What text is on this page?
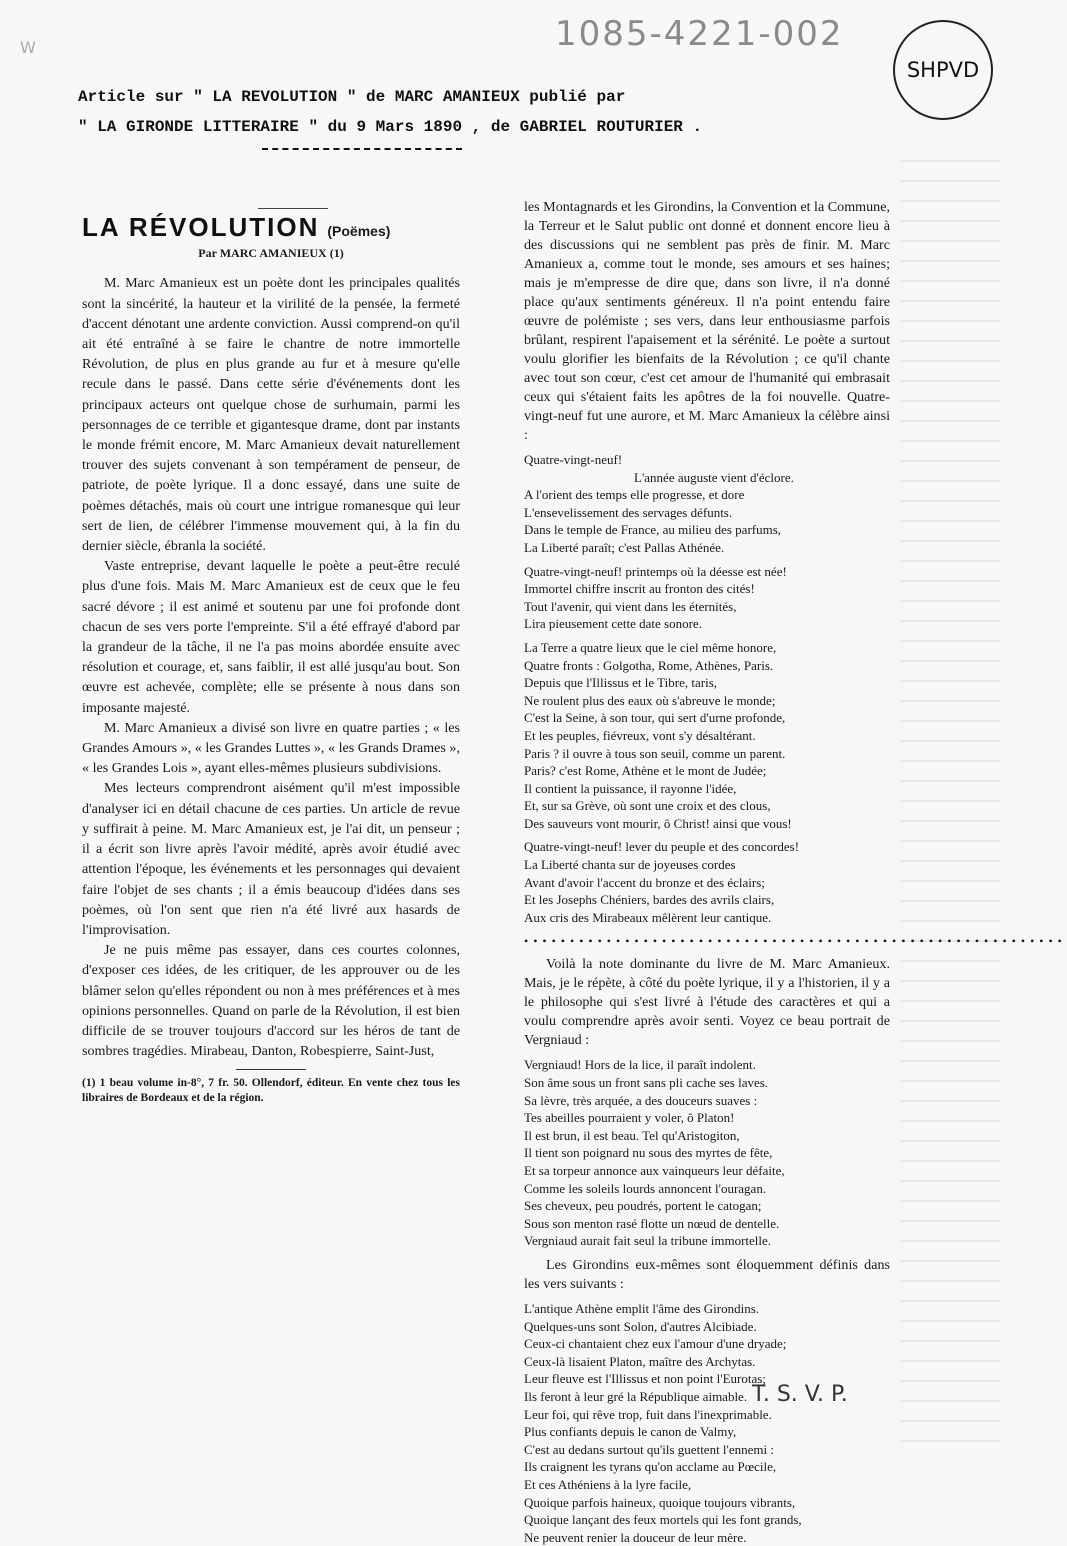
W	1085-4221-002
SHPVD
Article sur " LA REVOLUTION " de MARC AMANIEUX publié par
" LA GIRONDE LITTERAIRE " du 9 Mars 1890 , de GABRIEL ROUTURIER .
LA RÉVOLUTION (Poëmes)
Par MARC AMANIEUX (1)

M. Marc Amanieux est un poète dont les principales qualités sont la sincérité, la hauteur et la virilité de la pensée, la fermeté d'accent dénotant une ardente conviction. Aussi comprend-on qu'il ait été entraîné à se faire le chantre de notre immortelle Révolution, de plus en plus grande au fur et à mesure qu'elle recule dans le passé. Dans cette série d'événements dont les principaux acteurs ont quelque chose de surhumain, parmi les personnages de ce terrible et gigantesque drame, dont par instants le monde frémit encore, M. Marc Amanieux devait naturellement trouver des sujets convenant à son tempérament de penseur, de patriote, de poète lyrique. Il a donc essayé, dans une suite de poèmes détachés, mais où court une intrigue romanesque qui leur sert de lien, de célébrer l'immense mouvement qui, à la fin du dernier siècle, ébranla la société.

Vaste entreprise, devant laquelle le poète a peut-être reculé plus d'une fois. Mais M. Marc Amanieux est de ceux que le feu sacré dévore ; il est animé et soutenu par une foi profonde dont chacun de ses vers porte l'empreinte. S'il a été effrayé d'abord par la grandeur de la tâche, il ne l'a pas moins abordée ensuite avec résolution et courage, et, sans faiblir, il est allé jusqu'au bout. Son œuvre est achevée, complète; elle se présente à nous dans son imposante majesté.

M. Marc Amanieux a divisé son livre en quatre parties ; « les Grandes Amours », « les Grandes Luttes », « les Grands Drames », « les Grandes Lois », ayant elles-mêmes plusieurs subdivisions.

Mes lecteurs comprendront aisément qu'il m'est impossible d'analyser ici en détail chacune de ces parties. Un article de revue y suffirait à peine. M. Marc Amanieux est, je l'ai dit, un penseur ; il a écrit son livre après l'avoir médité, après avoir étudié avec attention l'époque, les événements et les personnages qui devaient faire l'objet de ses chants ; il a émis beaucoup d'idées dans ses poèmes, où l'on sent que rien n'a été livré aux hasards de l'improvisation.

Je ne puis même pas essayer, dans ces courtes colonnes, d'exposer ces idées, de les critiquer, de les approuver ou de les blâmer selon qu'elles répondent ou non à mes préférences et à mes opinions personnelles. Quand on parle de la Révolution, il est bien difficile de se trouver toujours d'accord sur les héros de tant de sombres tragédies. Mirabeau, Danton, Robespierre, Saint-Just,

(1) 1 beau volume in-8°, 7 fr. 50. Ollendorf, éditeur. En vente chez tous les libraires de Bordeaux et de la région.

les Montagnards et les Girondins, la Convention et la Commune, la Terreur et le Salut public ont donné et donnent encore lieu à des discussions qui ne semblent pas près de finir. M. Marc Amanieux a, comme tout le monde, ses amours et ses haines; mais je m'empresse de dire que, dans son livre, il n'a donné place qu'aux sentiments généreux. Il n'a point entendu faire œuvre de polémiste ; ses vers, dans leur enthousiasme parfois brûlant, respirent l'apaisement et la sérénité. Le poète a surtout voulu glorifier les bienfaits de la Révolution ; ce qu'il chante avec tout son cœur, c'est cet amour de l'humanité qui embrasait ceux qui s'étaient faits les apôtres de la foi nouvelle. Quatre-vingt-neuf fut une aurore, et M. Marc Amanieux la célèbre ainsi :

Quatre-vingt-neuf!
L'année auguste vient d'éclore.
A l'orient des temps elle progresse, et dore
L'ensevelissement des servages défunts.
Dans le temple de France, au milieu des parfums,
La Liberté paraît; c'est Pallas Athénée.
Quatre-vingt-neuf! printemps où la déesse est née!
Immortel chiffre inscrit au fronton des cités!
Tout l'avenir, qui vient dans les éternités,
Lira pieusement cette date sonore.
La Terre a quatre lieux que le ciel même honore,
Quatre fronts : Golgotha, Rome, Athènes, Paris.
Depuis que l'Illissus et le Tibre, taris,
Ne roulent plus des eaux où s'abreuve le monde;
C'est la Seine, à son tour, qui sert d'urne profonde,
Et les peuples, fiévreux, vont s'y désaltérant.
Paris ? il ouvre à tous son seuil, comme un parent.
Paris? c'est Rome, Athène et le mont de Judée;
Il contient la puissance, il rayonne l'idée,
Et, sur sa Grève, où sont une croix et des clous,
Des sauveurs vont mourir, ô Christ! ainsi que vous!
Quatre-vingt-neuf! lever du peuple et des concordes!
La Liberté chanta sur de joyeuses cordes
Avant d'avoir l'accent du bronze et des éclairs;
Et les Josephs Chéniers, bardes des avrils clairs,
Aux cris des Mirabeaux mêlèrent leur cantique.
•••••••••••••••••••••••••••••••••••••••••••••••••••••••••••

Voilà la note dominante du livre de M. Marc Amanieux. Mais, je le répète, à côté du poète lyrique, il y a l'historien, il y a le philosophe qui s'est livré à l'étude des caractères et qui a voulu comprendre après avoir senti. Voyez ce beau portrait de Vergniaud :

Vergniaud! Hors de la lice, il paraît indolent.
Son âme sous un front sans pli cache ses laves.
Sa lèvre, très arquée, a des douceurs suaves :
Tes abeilles pourraient y voler, ô Platon!
Il est brun, il est beau. Tel qu'Aristogiton,
Il tient son poignard nu sous des myrtes de fête,
Et sa torpeur annonce aux vainqueurs leur défaite,
Comme les soleils lourds annoncent l'ouragan.
Ses cheveux, peu poudrés, portent le catogan;
Sous son menton rasé flotte un nœud de dentelle.
Vergniaud aurait fait seul la tribune immortelle.

Les Girondins eux-mêmes sont éloquemment définis dans les vers suivants :

L'antique Athène emplit l'âme des Girondins.
Quelques-uns sont Solon, d'autres Alcibiade.
Ceux-ci chantaient chez eux l'amour d'une dryade;
Ceux-là lisaient Platon, maître des Archytas.
Leur fleuve est l'Illissus et non point l'Eurotas;
Ils feront à leur gré la République aimable.
Leur foi, qui rêve trop, fuit dans l'inexprimable.
Plus confiants depuis le canon de Valmy,
C'est au dedans surtout qu'ils guettent l'ennemi :
Ils craignent les tyrans qu'on acclame au Pœcile,
Et ces Athéniens à la lyre facile,
Quoique parfois haineux, quoique toujours vibrants,
Quoique lançant des feux mortels qui les font grands,
Ne peuvent renier la douceur de leur mère.
T. S. V. P.
